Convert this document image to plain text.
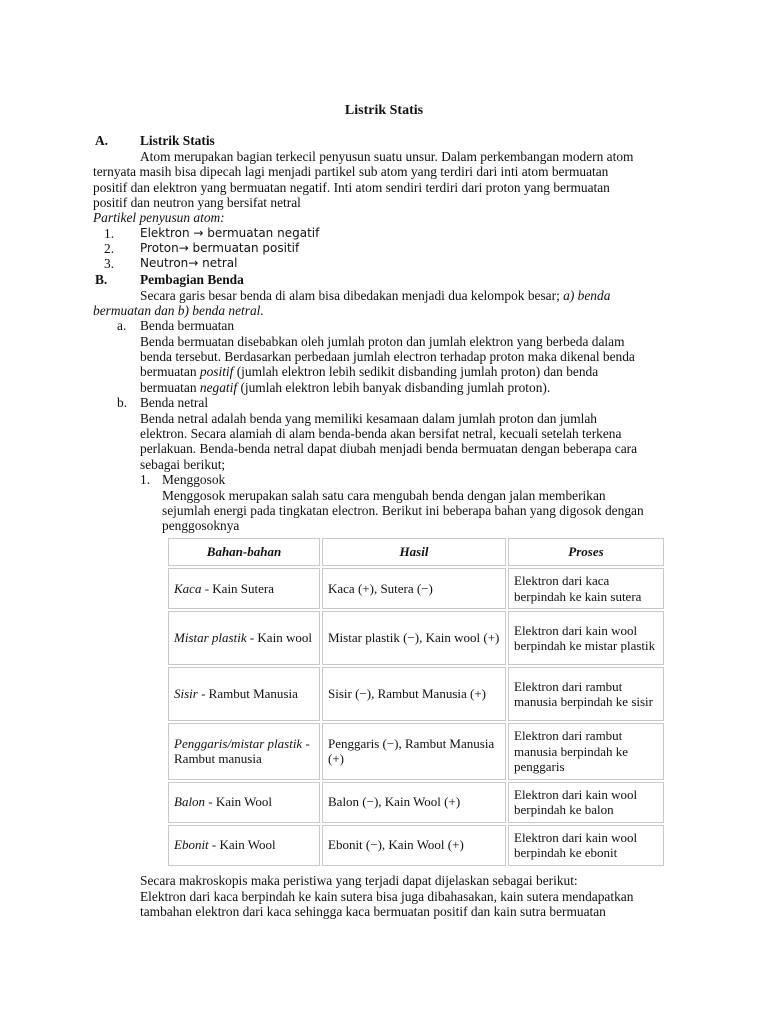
Listrik Statis
A. Listrik Statis
Atom merupakan bagian terkecil penyusun suatu unsur. Dalam perkembangan modern atom
ternyata masih bisa dipecah lagi menjadi partikel sub atom yang terdiri dari inti atom bermuatan
positif dan elektron yang bermuatan negatif. Inti atom sendiri terdiri dari proton yang bermuatan
positif dan neutron yang bersifat netral
Partikel penyusun atom:
1. Elektron → bermuatan negatif
2. Proton→ bermuatan positif
3. Neutron→ netral
B. Pembagian Benda
Secara garis besar benda di alam bisa dibedakan menjadi dua kelompok besar; a) benda
bermuatan dan b) benda netral.
a. Benda bermuatan
Benda bermuatan disebabkan oleh jumlah proton dan jumlah elektron yang berbeda dalam
benda tersebut. Berdasarkan perbedaan jumlah electron terhadap proton maka dikenal benda
bermuatan positif (jumlah elektron lebih sedikit disbanding jumlah proton) dan benda
bermuatan negatif (jumlah elektron lebih banyak disbanding jumlah proton).
b. Benda netral
Benda netral adalah benda yang memiliki kesamaan dalam jumlah proton dan jumlah
elektron. Secara alamiah di alam benda-benda akan bersifat netral, kecuali setelah terkena
perlakuan. Benda-benda netral dapat diubah menjadi benda bermuatan dengan beberapa cara
sebagai berikut;
1. Menggosok
Menggosok merupakan salah satu cara mengubah benda dengan jalan memberikan
sejumlah energi pada tingkatan electron. Berikut ini beberapa bahan yang digosok dengan
penggosoknya
Bahan-bahan	Hasil	Proses
Kaca - Kain Sutera	Kaca (+), Sutera (−)	Elektron dari kaca berpindah ke kain sutera
Mistar plastik - Kain wool	Mistar plastik (−), Kain wool (+)	Elektron dari kain wool berpindah ke mistar plastik
Sisir - Rambut Manusia	Sisir (−), Rambut Manusia (+)	Elektron dari rambut manusia berpindah ke sisir
Penggaris/mistar plastik - Rambut manusia	Penggaris (−), Rambut Manusia (+)	Elektron dari rambut manusia berpindah ke penggaris
Balon - Kain Wool	Balon (−), Kain Wool (+)	Elektron dari kain wool berpindah ke balon
Ebonit - Kain Wool	Ebonit (−), Kain Wool (+)	Elektron dari kain wool berpindah ke ebonit
Secara makroskopis maka peristiwa yang terjadi dapat dijelaskan sebagai berikut:
Elektron dari kaca berpindah ke kain sutera bisa juga dibahasakan, kain sutera mendapatkan
tambahan elektron dari kaca sehingga kaca bermuatan positif dan kain sutra bermuatan
